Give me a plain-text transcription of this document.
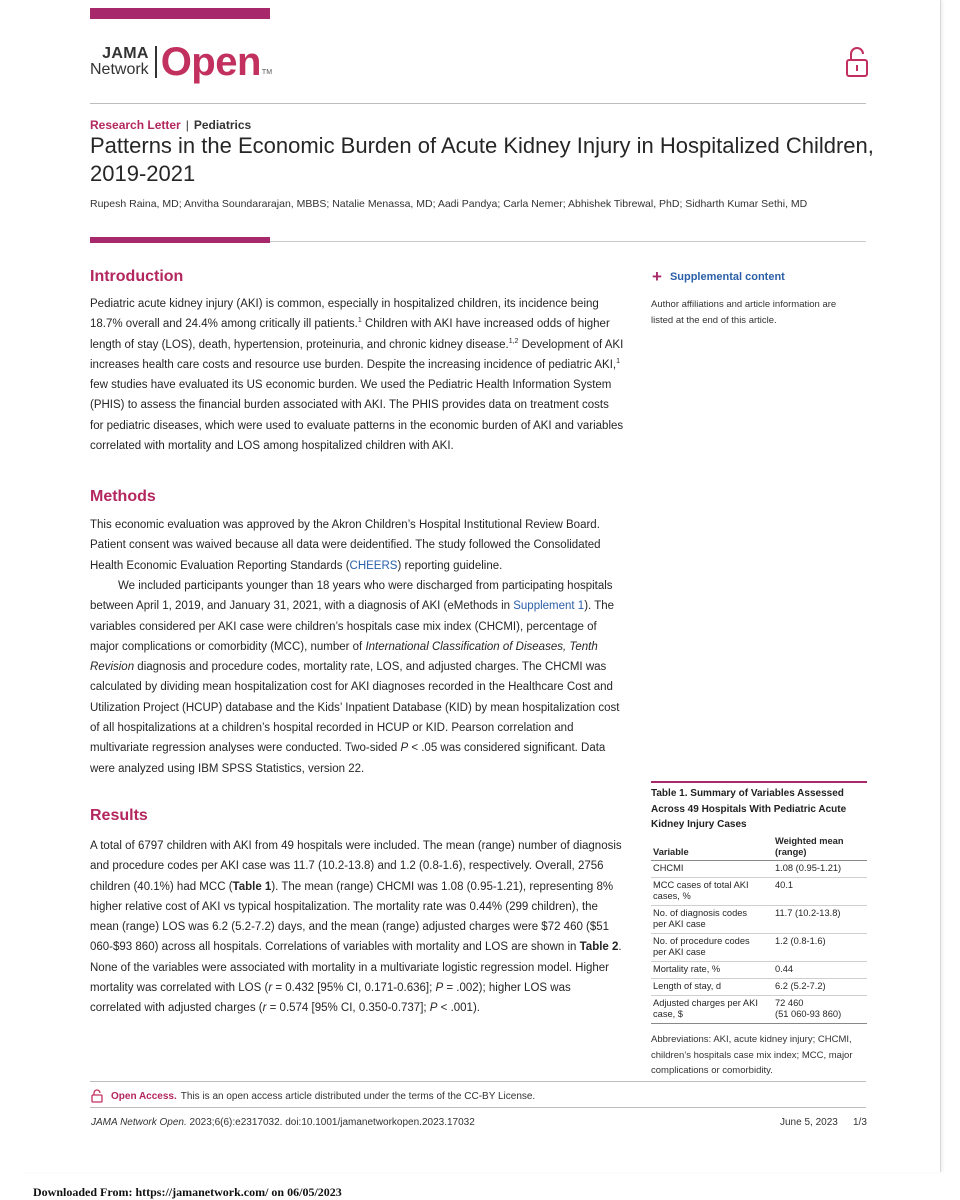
JAMA
Network Open TM
Research Letter | Pediatrics
Patterns in the Economic Burden of Acute Kidney Injury in Hospitalized Children, 2019-2021
Rupesh Raina, MD; Anvitha Soundararajan, MBBS; Natalie Menassa, MD; Aadi Pandya; Carla Nemer; Abhishek Tibrewal, PhD; Sidharth Kumar Sethi, MD
Introduction

Pediatric acute kidney injury (AKI) is common, especially in hospitalized children, its incidence being 18.7% overall and 24.4% among critically ill patients.$^1$ Children with AKI have increased odds of higher length of stay (LOS), death, hypertension, proteinuria, and chronic kidney disease.$^{1,2}$ Development of AKI increases health care costs and resource use burden. Despite the increasing incidence of pediatric AKI,$^1$ few studies have evaluated its US economic burden. We used the Pediatric Health Information System (PHIS) to assess the financial burden associated with AKI. The PHIS provides data on treatment costs for pediatric diseases, which were used to evaluate patterns in the economic burden of AKI and variables correlated with mortality and LOS among hospitalized children with AKI.

+ Supplemental content
Author affiliations and article information are listed at the end of this article.
Methods

This economic evaluation was approved by the Akron Children’s Hospital Institutional Review Board. Patient consent was waived because all data were deidentified. The study followed the Consolidated Health Economic Evaluation Reporting Standards (CHEERS) reporting guideline.

We included participants younger than 18 years who were discharged from participating hospitals between April 1, 2019, and January 31, 2021, with a diagnosis of AKI (eMethods in Supplement 1). The variables considered per AKI case were children’s hospitals case mix index (CHCMI), percentage of major complications or comorbidity (MCC), number of International Classification of Diseases, Tenth Revision diagnosis and procedure codes, mortality rate, LOS, and adjusted charges. The CHCMI was calculated by dividing mean hospitalization cost for AKI diagnoses recorded in the Healthcare Cost and Utilization Project (HCUP) database and the Kids’ Inpatient Database (KID) by mean hospitalization cost of all hospitalizations at a children’s hospital recorded in HCUP or KID. Pearson correlation and multivariate regression analyses were conducted. Two-sided P < .05 was considered significant. Data were analyzed using IBM SPSS Statistics, version 22.

Results

A total of 6797 children with AKI from 49 hospitals were included. The mean (range) number of diagnosis and procedure codes per AKI case was 11.7 (10.2-13.8) and 1.2 (0.8-1.6), respectively. Overall, 2756 children (40.1%) had MCC (Table 1). The mean (range) CHCMI was 1.08 (0.95-1.21), representing 8% higher relative cost of AKI vs typical hospitalization. The mortality rate was 0.44% (299 children), the mean (range) LOS was 6.2 (5.2-7.2) days, and the mean (range) adjusted charges were $72 460 ($51 060-$93 860) across all hospitals. Correlations of variables with mortality and LOS are shown in Table 2. None of the variables were associated with mortality in a multivariate logistic regression model. Higher mortality was correlated with LOS (r = 0.432 [95% CI, 0.171-0.636]; P = .002); higher LOS was correlated with adjusted charges (r = 0.574 [95% CI, 0.350-0.737]; P < .001).

Table 1. Summary of Variables Assessed Across 49 Hospitals With Pediatric Acute Kidney Injury Cases
Variable	Weighted mean (range)
CHCMI	1.08 (0.95-1.21)
MCC cases of total AKI cases, %	40.1
No. of diagnosis codes per AKI case	11.7 (10.2-13.8)
No. of procedure codes per AKI case	1.2 (0.8-1.6)
Mortality rate, %	0.44
Length of stay, d	6.2 (5.2-7.2)
Adjusted charges per AKI case, $	72 460
(51 060-93 860)
Abbreviations: AKI, acute kidney injury; CHCMI, children’s hospitals case mix index; MCC, major complications or comorbidity.
Open Access. This is an open access article distributed under the terms of the CC-BY License.
JAMA Network Open. 2023;6(6):e2317032. doi:10.1001/jamanetworkopen.2023.17032	June 5, 2023 1/3
Downloaded From: https://jamanetwork.com/ on 06/05/2023
